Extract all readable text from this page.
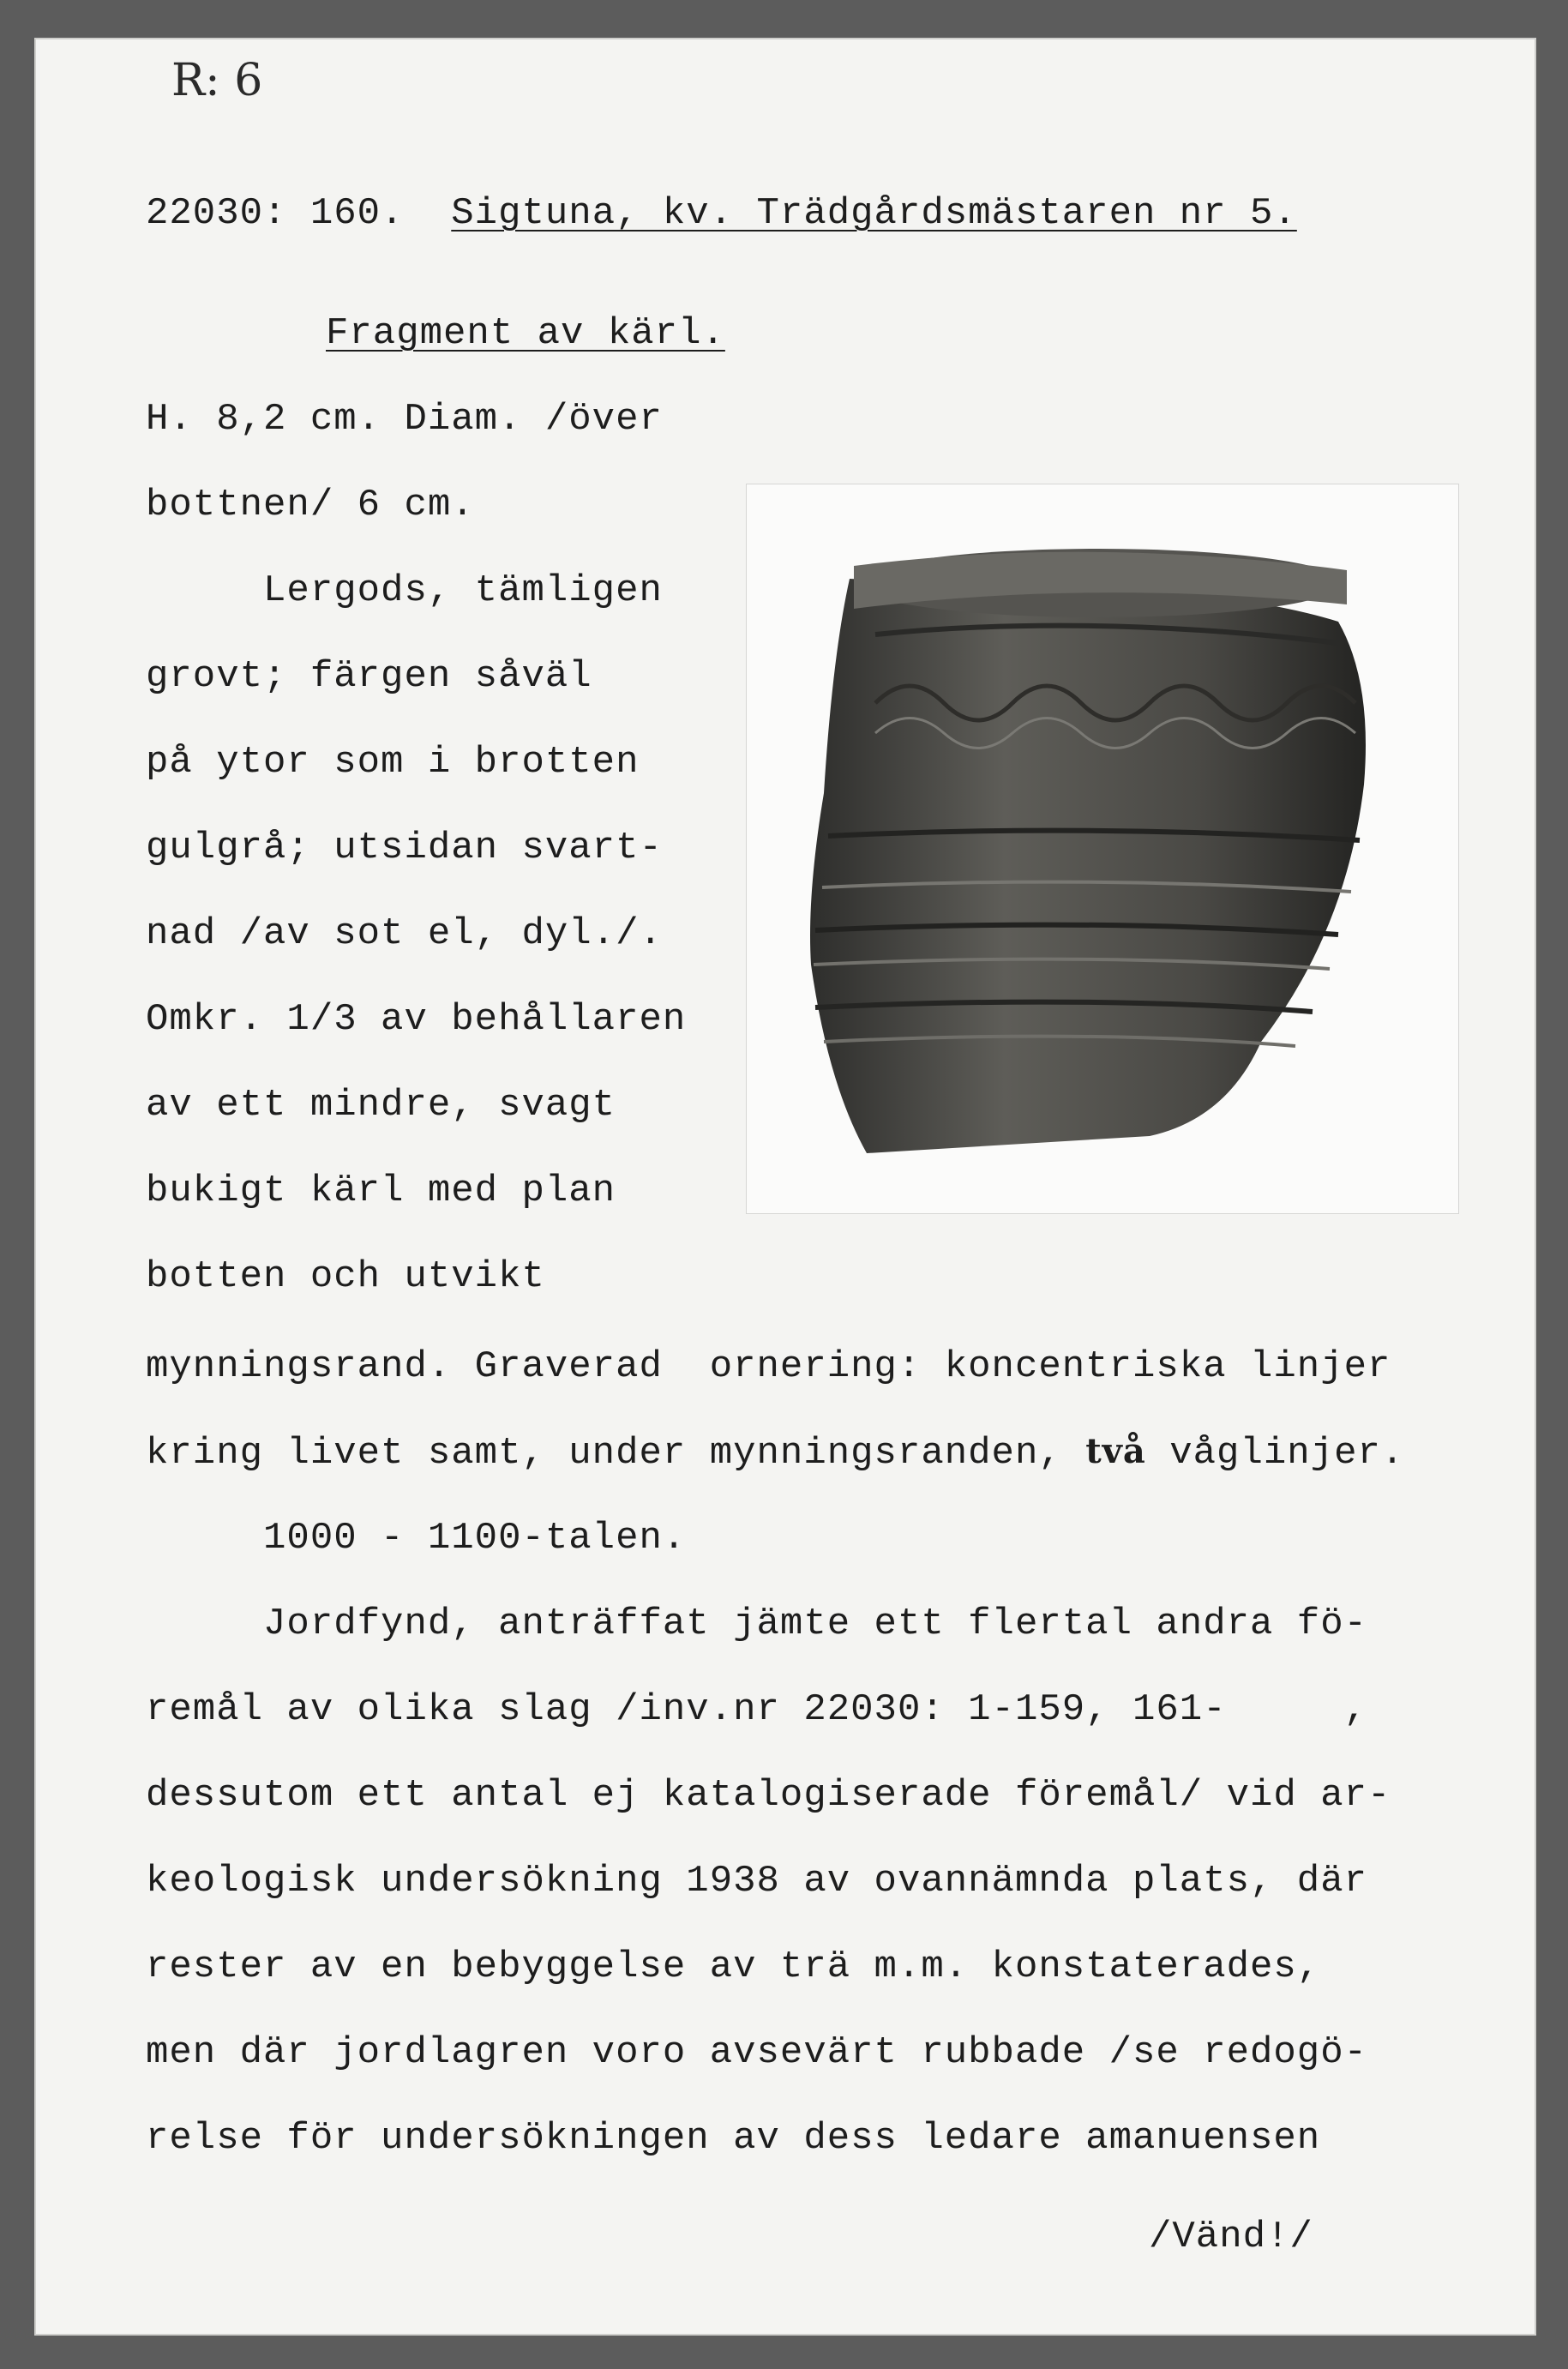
R: 6
22030: 160. Sigtuna, kv. Trädgårdsmästaren nr 5.
Fragment av kärl.
H. 8,2 cm. Diam. /över
bottnen/ 6 cm.
Lergods, tämligen
grovt; färgen såväl
på ytor som i brotten
gulgrå; utsidan svart-
nad /av sot el, dyl./.
Omkr. 1/3 av behållaren
av ett mindre, svagt
bukigt kärl med plan
botten och utvikt
mynningsrand. Graverad  ornering: koncentriska linjer
kring livet samt, under mynningsranden, två våglinjer.
1000 - 1100-talen.
Jordfynd, anträffat jämte ett flertal andra fö-
remål av olika slag /inv.nr 22030: 1-159, 161-     ,
dessutom ett antal ej katalogiserade föremål/ vid ar-
keologisk undersökning 1938 av ovannämnda plats, där
rester av en bebyggelse av trä m.m. konstaterades,
men där jordlagren voro avsevärt rubbade /se redogö-
relse för undersökningen av dess ledare amanuensen
/Vänd!/
